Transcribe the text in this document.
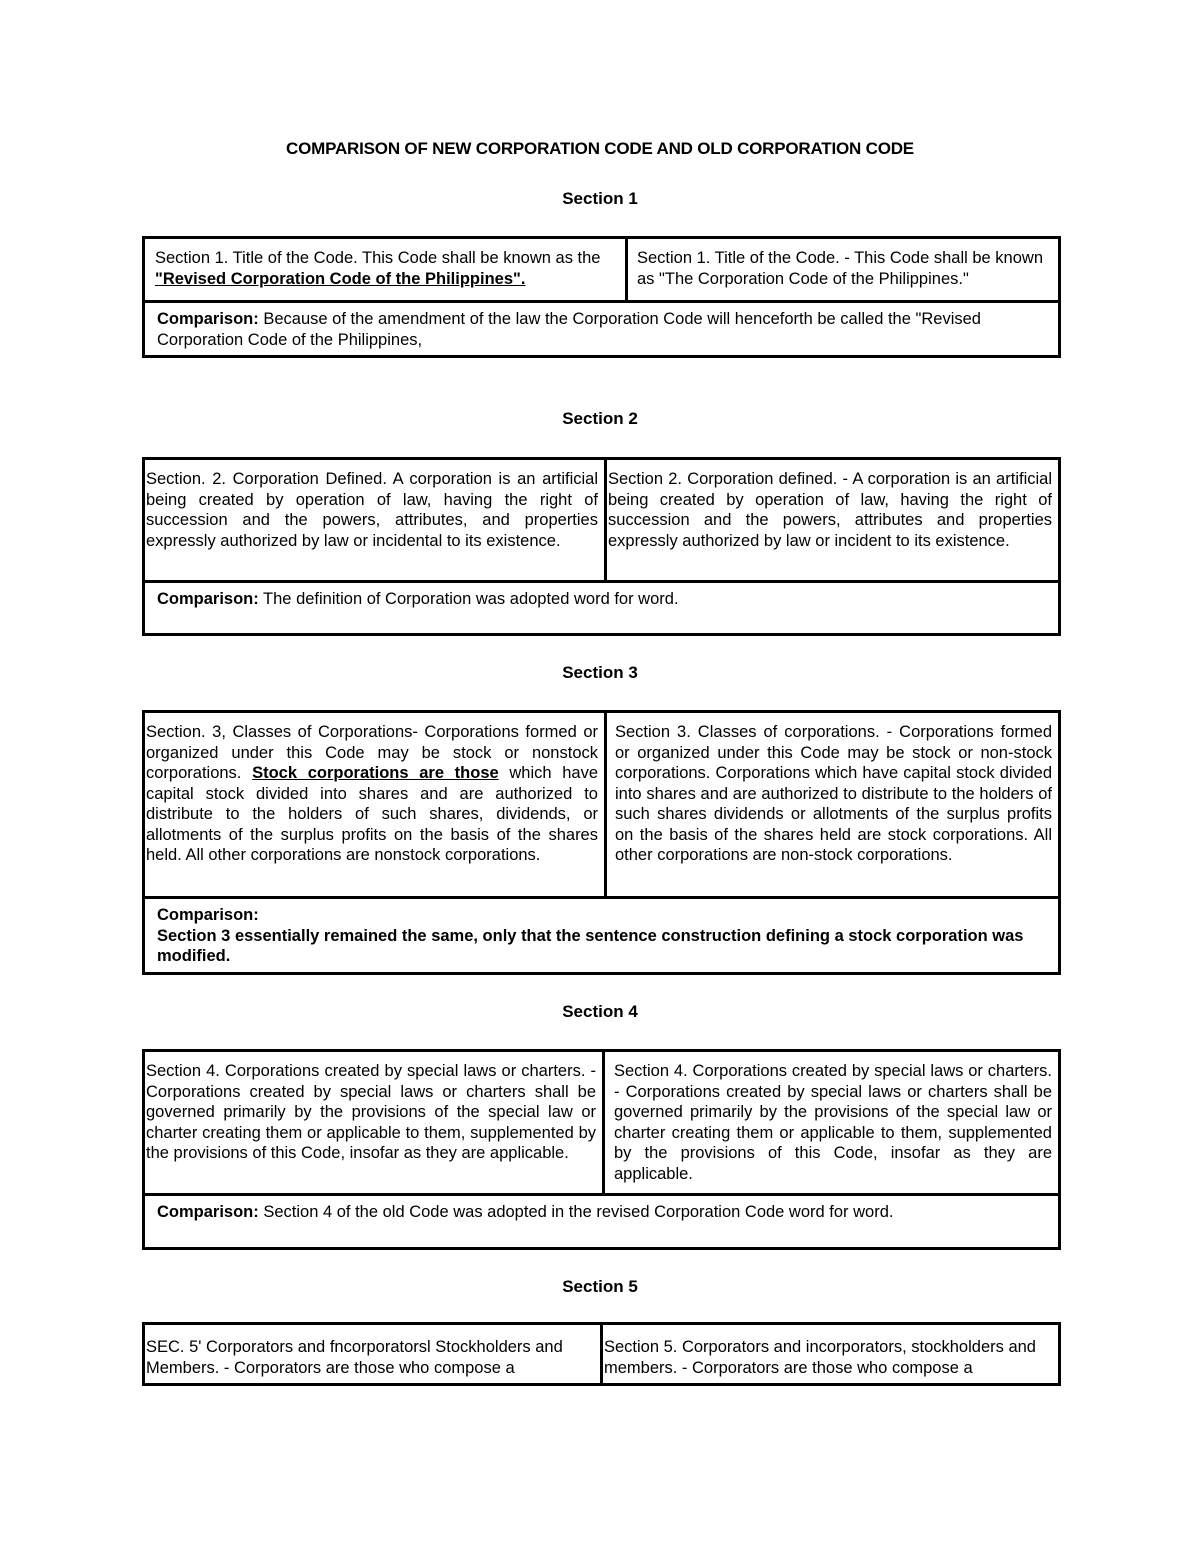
COMPARISON OF NEW CORPORATION CODE AND OLD CORPORATION CODE
Section 1
Section 1. Title of the Code. This Code shall be known as the "Revised Corporation Code of the Philippines".
Section 1. Title of the Code. - This Code shall be known as "The Corporation Code of the Philippines."
Comparison: Because of the amendment of the law the Corporation Code will henceforth be called the "Revised Corporation Code of the Philippines,
Section 2
Section. 2. Corporation Defined. A corporation is an artificial being created by operation of law, having the right of succession and the powers, attributes, and properties expressly authorized by law or incidental to its existence.
Section 2. Corporation defined. - A corporation is an artificial being created by operation of law, having the right of succession and the powers, attributes and properties expressly authorized by law or incident to its existence.
Comparison: The definition of Corporation was adopted word for word.
Section 3
Section. 3, Classes of Corporations- Corporations formed or organized under this Code may be stock or nonstock corporations. Stock corporations are those which have capital stock divided into shares and are authorized to distribute to the holders of such shares, dividends, or allotments of the surplus profits on the basis of the shares held. All other corporations are nonstock corporations.
Section 3. Classes of corporations. - Corporations formed or organized under this Code may be stock or non-stock corporations. Corporations which have capital stock divided into shares and are authorized to distribute to the holders of such shares dividends or allotments of the surplus profits on the basis of the shares held are stock corporations. All other corporations are non-stock corporations.
Comparison:
Section 3 essentially remained the same, only that the sentence construction defining a stock corporation was modified.
Section 4
Section 4. Corporations created by special laws or charters. - Corporations created by special laws or charters shall be governed primarily by the provisions of the special law or charter creating them or applicable to them, supplemented by the provisions of this Code, insofar as they are applicable.
Section 4. Corporations created by special laws or charters. - Corporations created by special laws or charters shall be governed primarily by the provisions of the special law or charter creating them or applicable to them, supplemented by the provisions of this Code, insofar as they are applicable.
Comparison: Section 4 of the old Code was adopted in the revised Corporation Code word for word.
Section 5
SEC. 5' Corporators and fncorporatorsl Stockholders and Members. - Corporators are those who compose a
Section 5. Corporators and incorporators, stockholders and members. - Corporators are those who compose a
